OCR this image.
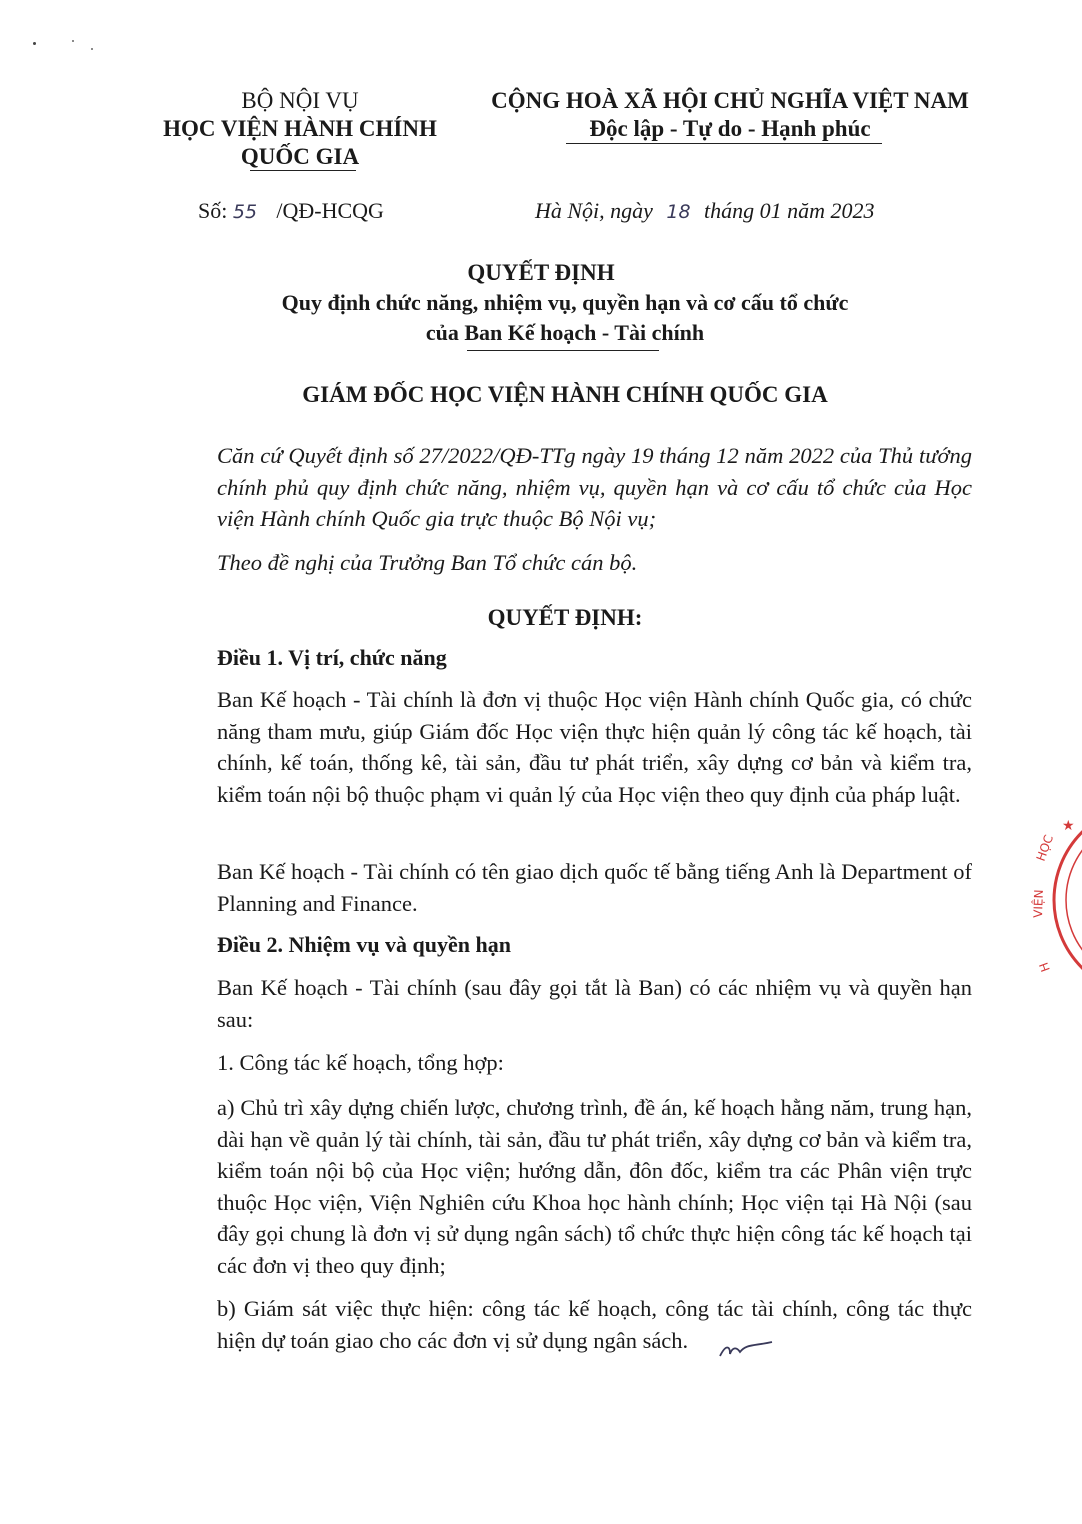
BỘ NỘI VỤ
HỌC VIỆN HÀNH CHÍNH
QUỐC GIA
CỘNG HOÀ XÃ HỘI CHỦ NGHĨA VIỆT NAM
Độc lập - Tự do - Hạnh phúc
Số: 55 /QĐ-HCQG	Hà Nội, ngày 18 tháng 01 năm 2023
QUYẾT ĐỊNH
Quy định chức năng, nhiệm vụ, quyền hạn và cơ cấu tổ chức
của Ban Kế hoạch - Tài chính
GIÁM ĐỐC HỌC VIỆN HÀNH CHÍNH QUỐC GIA
Căn cứ Quyết định số 27/2022/QĐ-TTg ngày 19 tháng 12 năm 2022 của Thủ tướng chính phủ quy định chức năng, nhiệm vụ, quyền hạn và cơ cấu tổ chức của Học viện Hành chính Quốc gia trực thuộc Bộ Nội vụ;
Theo đề nghị của Trưởng Ban Tổ chức cán bộ.
QUYẾT ĐỊNH:
Điều 1. Vị trí, chức năng
Ban Kế hoạch - Tài chính là đơn vị thuộc Học viện Hành chính Quốc gia, có chức năng tham mưu, giúp Giám đốc Học viện thực hiện quản lý công tác kế hoạch, tài chính, kế toán, thống kê, tài sản, đầu tư phát triển, xây dựng cơ bản và kiểm tra, kiểm toán nội bộ thuộc phạm vi quản lý của Học viện theo quy định của pháp luật.
Ban Kế hoạch - Tài chính có tên giao dịch quốc tế bằng tiếng Anh là Department of Planning and Finance.
Điều 2. Nhiệm vụ và quyền hạn
Ban Kế hoạch - Tài chính (sau đây gọi tắt là Ban) có các nhiệm vụ và quyền hạn sau:
1. Công tác kế hoạch, tổng hợp:
a) Chủ trì xây dựng chiến lược, chương trình, đề án, kế hoạch hằng năm, trung hạn, dài hạn về quản lý tài chính, tài sản, đầu tư phát triển, xây dựng cơ bản và kiểm tra, kiểm toán nội bộ của Học viện; hướng dẫn, đôn đốc, kiểm tra các Phân viện trực thuộc Học viện, Viện Nghiên cứu Khoa học hành chính; Học viện tại Hà Nội (sau đây gọi chung là đơn vị sử dụng ngân sách) tổ chức thực hiện công tác kế hoạch tại các đơn vị theo quy định;
b) Giám sát việc thực hiện: công tác kế hoạch, công tác tài chính, công tác thực hiện dự toán giao cho các đơn vị sử dụng ngân sách.
★
HỌC
VIỆN
H
